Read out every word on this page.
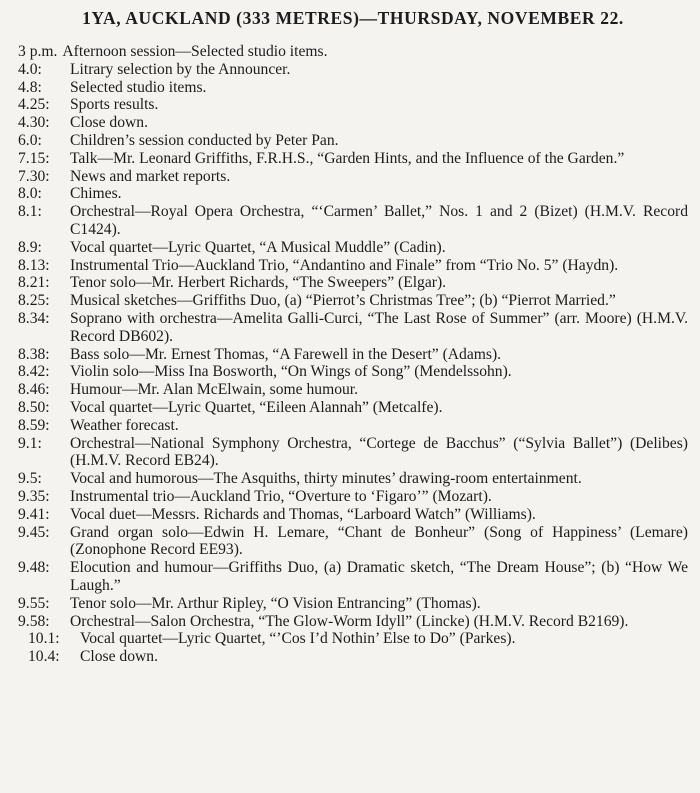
1YA, AUCKLAND (333 METRES)—THURSDAY, NOVEMBER 22.
3 p.m. Afternoon session—Selected studio items.
4.0:	Litrary selection by the Announcer.
4.8:	Selected studio items.
4.25:	Sports results.
4.30:	Close down.
6.0:	Children’s session conducted by Peter Pan.
7.15:	Talk—Mr. Leonard Griffiths, F.R.H.S., “Garden Hints, and the Influence of the Garden.”
7.30:	News and market reports.
8.0:	Chimes.
8.1:	Orchestral—Royal Opera Orchestra, “‘Carmen’ Ballet,” Nos. 1 and 2 (Bizet) (H.M.V. Record C1424).
8.9:	Vocal quartet—Lyric Quartet, “A Musical Muddle” (Cadin).
8.13:	Instrumental Trio—Auckland Trio, “Andantino and Finale” from “Trio No. 5” (Haydn).
8.21:	Tenor solo—Mr. Herbert Richards, “The Sweepers” (Elgar).
8.25:	Musical sketches—Griffiths Duo, (a) “Pierrot’s Christmas Tree”; (b) “Pierrot Married.”
8.34:	Soprano with orchestra—Amelita Galli-Curci, “The Last Rose of Summer” (arr. Moore) (H.M.V. Record DB602).
8.38:	Bass solo—Mr. Ernest Thomas, “A Farewell in the Desert” (Adams).
8.42:	Violin solo—Miss Ina Bosworth, “On Wings of Song” (Mendelssohn).
8.46:	Humour—Mr. Alan McElwain, some humour.
8.50:	Vocal quartet—Lyric Quartet, “Eileen Alannah” (Metcalfe).
8.59:	Weather forecast.
9.1:	Orchestral—National Symphony Orchestra, “Cortege de Bacchus” (“Sylvia Ballet”) (Delibes) (H.M.V. Record EB24).
9.5:	Vocal and humorous—The Asquiths, thirty minutes’ drawing-room entertainment.
9.35:	Instrumental trio—Auckland Trio, “Overture to ‘Figaro’” (Mozart).
9.41:	Vocal duet—Messrs. Richards and Thomas, “Larboard Watch” (Williams).
9.45:	Grand organ solo—Edwin H. Lemare, “Chant de Bonheur” (Song of Happiness’ (Lemare) (Zonophone Record EE93).
9.48:	Elocution and humour—Griffiths Duo, (a) Dramatic sketch, “The Dream House”; (b) “How We Laugh.”
9.55:	Tenor solo—Mr. Arthur Ripley, “O Vision Entrancing” (Thomas).
9.58:	Orchestral—Salon Orchestra, “The Glow-Worm Idyll” (Lincke) (H.M.V. Record B2169).
10.1:	Vocal quartet—Lyric Quartet, “’Cos I’d Nothin’ Else to Do” (Parkes).
10.4:	Close down.
